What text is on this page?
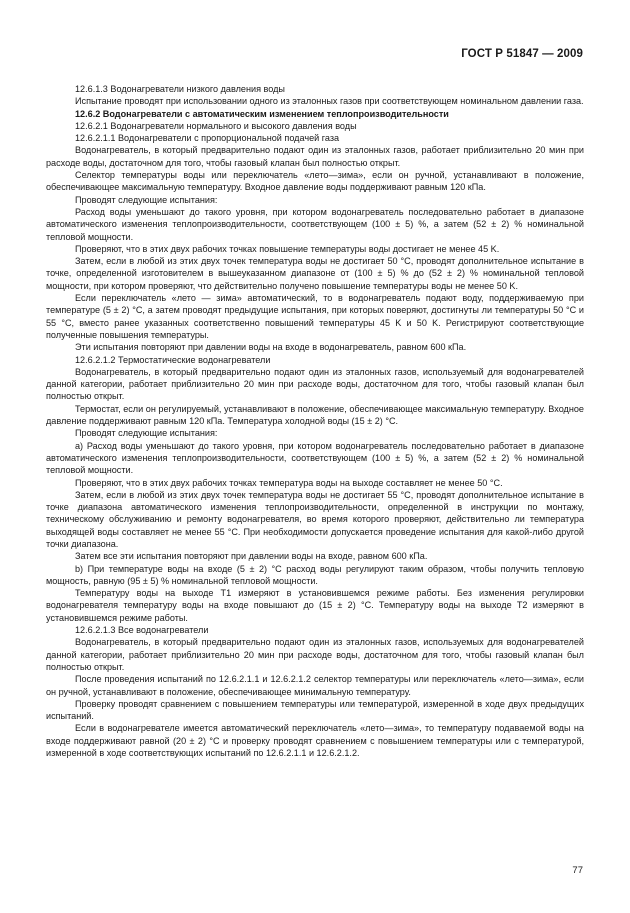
ГОСТ Р 51847 — 2009

12.6.1.3 Водонагреватели низкого давления воды

Испытание проводят при использовании одного из эталонных газов при соответствующем номинальном давлении газа.

12.6.2 Водонагреватели с автоматическим изменением теплопроизводительности

12.6.2.1 Водонагреватели нормального и высокого давления воды

12.6.2.1.1 Водонагреватели с пропорциональной подачей газа

Водонагреватель, в который предварительно подают один из эталонных газов, работает приблизительно 20 мин при расходе воды, достаточном для того, чтобы газовый клапан был полностью открыт.

Селектор температуры воды или переключатель «лето—зима», если он ручной, устанавливают в положение, обеспечивающее максимальную температуру. Входное давление воды поддерживают равным 120 кПа.

Проводят следующие испытания:

Расход воды уменьшают до такого уровня, при котором водонагреватель последовательно работает в диапазоне автоматического изменения теплопроизводительности, соответствующем (100 ± 5) %, а затем (52 ± 2) % номинальной тепловой мощности.

Проверяют, что в этих двух рабочих точках повышение температуры воды достигает не менее 45 K.

Затем, если в любой из этих двух точек температура воды не достигает 50 °C, проводят дополнительное испытание в точке, определенной изготовителем в вышеуказанном диапазоне от (100 ± 5) % до (52 ± 2) % номинальной тепловой мощности, при котором проверяют, что действительно получено повышение температуры воды не менее 50 K.

Если переключатель «лето — зима» автоматический, то в водонагреватель подают воду, поддерживаемую при температуре (5 ± 2) °C, а затем проводят предыдущие испытания, при которых поверяют, достигнуты ли температуры 50 °C и 55 °C, вместо ранее указанных соответственно повышений температуры 45 K и 50 K. Регистрируют соответствующие полученные повышения температуры.

Эти испытания повторяют при давлении воды на входе в водонагреватель, равном 600 кПа.

12.6.2.1.2 Термостатические водонагреватели

Водонагреватель, в который предварительно подают один из эталонных газов, используемый для водонагревателей данной категории, работает приблизительно 20 мин при расходе воды, достаточном для того, чтобы газовый клапан был полностью открыт.

Термостат, если он регулируемый, устанавливают в положение, обеспечивающее максимальную температуру. Входное давление поддерживают равным 120 кПа. Температура холодной воды (15 ± 2) °C.

Проводят следующие испытания:

a) Расход воды уменьшают до такого уровня, при котором водонагреватель последовательно работает в диапазоне автоматического изменения теплопроизводительности, соответствующем (100 ± 5) %, а затем (52 ± 2) % номинальной тепловой мощности.

Проверяют, что в этих двух рабочих точках температура воды на выходе составляет не менее 50 °C.

Затем, если в любой из этих двух точек температура воды не достигает 55 °C, проводят дополнительное испытание в точке диапазона автоматического изменения теплопроизводительности, определенной в инструкции по монтажу, техническому обслуживанию и ремонту водонагревателя, во время которого проверяют, действительно ли температура выходящей воды составляет не менее 55 °C. При необходимости допускается проведение испытания для какой-либо другой точки диапазона.

Затем все эти испытания повторяют при давлении воды на входе, равном 600 кПа.

b) При температуре воды на входе (5 ± 2) °C расход воды регулируют таким образом, чтобы получить тепловую мощность, равную (95 ± 5) % номинальной тепловой мощности.

Температуру воды на выходе T1 измеряют в установившемся режиме работы. Без изменения регулировки водонагревателя температуру воды на входе повышают до (15 ± 2) °C. Температуру воды на выходе T2 измеряют в установившемся режиме работы.

12.6.2.1.3 Все водонагреватели

Водонагреватель, в который предварительно подают один из эталонных газов, используемых для водонагревателей данной категории, работает приблизительно 20 мин при расходе воды, достаточном для того, чтобы газовый клапан был полностью открыт.

После проведения испытаний по 12.6.2.1.1 и 12.6.2.1.2 селектор температуры или переключатель «лето—зима», если он ручной, устанавливают в положение, обеспечивающее минимальную температуру.

Проверку проводят сравнением с повышением температуры или температурой, измеренной в ходе двух предыдущих испытаний.

Если в водонагревателе имеется автоматический переключатель «лето—зима», то температуру подаваемой воды на входе поддерживают равной (20 ± 2) °C и проверку проводят сравнением с повышением температуры или с температурой, измеренной в ходе соответствующих испытаний по 12.6.2.1.1 и 12.6.2.1.2.

77
